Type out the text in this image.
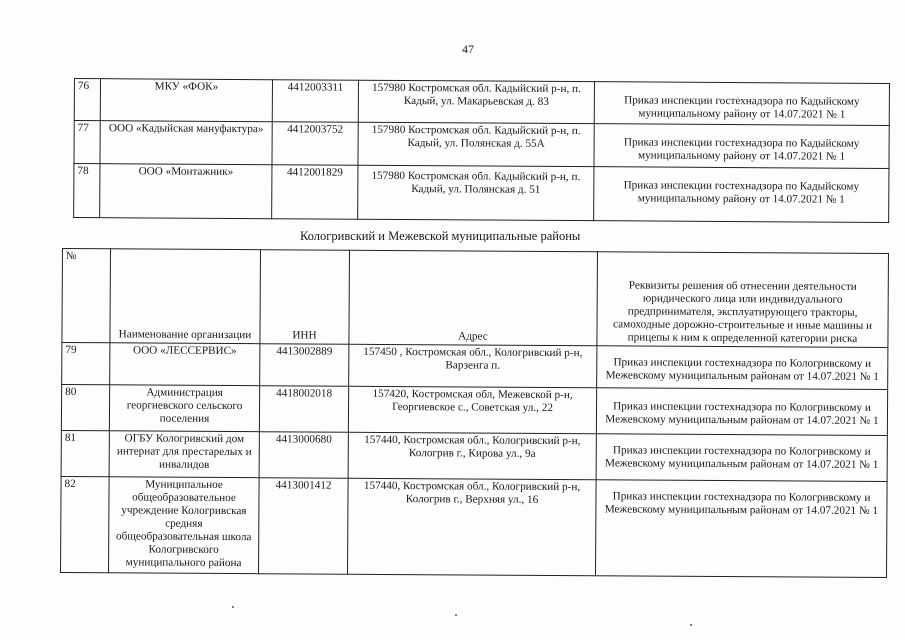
47
76	МКУ «ФОК»	4412003311	157980 Костромская обл. Кадыйский р-н, п. Кадый, ул. Макарьевская д. 83	Приказ инспекции гостехнадзора по Кадыйскому муниципальному району от 14.07.2021 № 1
77	ООО «Кадыйская мануфактура»	4412003752	157980 Костромская обл. Кадыйский р-н, п. Кадый, ул. Полянская д. 55А	Приказ инспекции гостехнадзора по Кадыйскому муниципальному району от 14.07.2021 № 1
78	ООО «Монтажник»	4412001829	157980 Костромская обл. Кадыйский р-н, п. Кадый, ул. Полянская д. 51	Приказ инспекции гостехнадзора по Кадыйскому муниципальному району от 14.07.2021 № 1
Кологривский и Межевской муниципальные районы
№	Наименование организации	ИНН	Адрес	Реквизиты решения об отнесении деятельности юридического лица или индивидуального предпринимателя, эксплуатирующего тракторы, самоходные дорожно-строительные и иные машины и прицепы к ним к определенной категории риска
79	ООО «ЛЕССЕРВИС»	4413002889	157450 , Костромская обл., Кологривский р-н, Варзенга п.	Приказ инспекции гостехнадзора по Кологривскому и Межевскому муниципальным районам от 14.07.2021 № 1
80	Администрация георгиевского сельского поселения	4418002018	157420, Костромская обл, Межевской р-н, Георгиевское с., Советская ул., 22	Приказ инспекции гостехнадзора по Кологривскому и Межевскому муниципальным районам от 14.07.2021 № 1
81	ОГБУ Кологривский дом интернат для престарелых и инвалидов	4413000680	157440, Костромская обл., Кологривский р-н, Кологрив г., Кирова ул., 9а	Приказ инспекции гостехнадзора по Кологривскому и Межевскому муниципальным районам от 14.07.2021 № 1
82	Муниципальное общеобразовательное учреждение Кологривская средняя общеобразовательная школа Кологривского муниципального района	4413001412	157440, Костромская обл., Кологривский р-н, Кологрив г., Верхняя ул., 16	Приказ инспекции гостехнадзора по Кологривскому и Межевскому муниципальным районам от 14.07.2021 № 1
